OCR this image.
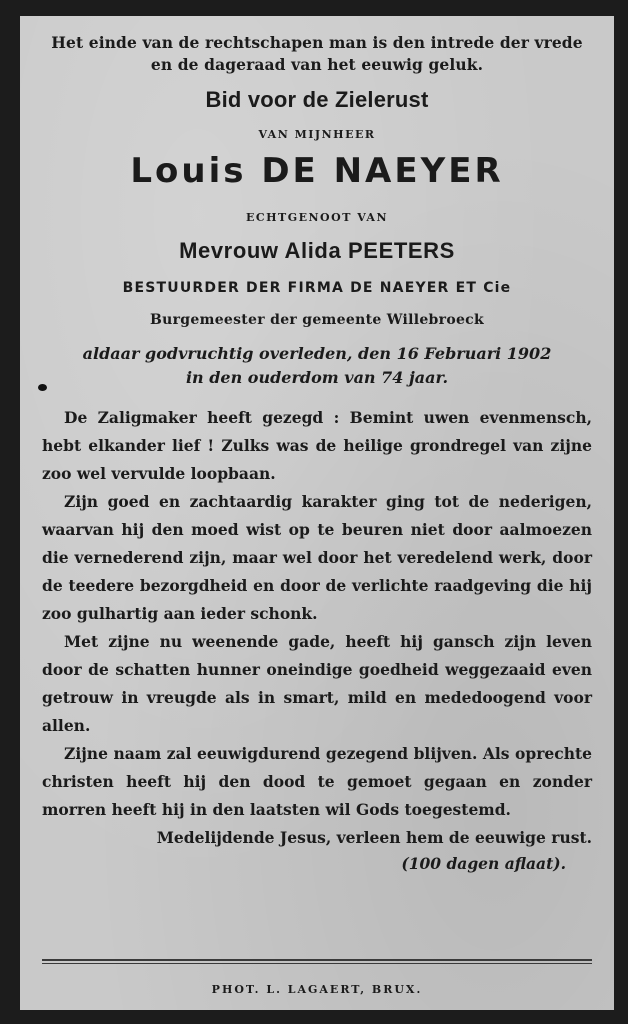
Het einde van de rechtschapen man is den intrede der vrede en de dageraad van het eeuwig geluk.

Bid voor de Zielerust

VAN MIJNHEER

Louis DE NAEYER

ECHTGENOOT VAN

Mevrouw Alida PEETERS

BESTUURDER DER FIRMA DE NAEYER ET Cie

Burgemeester der gemeente Willebroeck

aldaar godvruchtig overleden, den 16 Februari 1902
in den ouderdom van 74 jaar.

De Zaligmaker heeft gezegd : Bemint uwen evenmensch, hebt elkander lief ! Zulks was de heilige grondregel van zijne zoo wel vervulde loopbaan.

Zijn goed en zachtaardig karakter ging tot de nederigen, waarvan hij den moed wist op te beuren niet door aalmoezen die vernederend zijn, maar wel door het veredelend werk, door de teedere bezorgdheid en door de verlichte raadgeving die hij zoo gulhartig aan ieder schonk.

Met zijne nu weenende gade, heeft hij gansch zijn leven door de schatten hunner oneindige goedheid weggezaaid even getrouw in vreugde als in smart, mild en mededoogend voor allen.

Zijne naam zal eeuwigdurend gezegend blijven. Als oprechte christen heeft hij den dood te gemoet gegaan en zonder morren heeft hij in den laatsten wil Gods toegestemd.

Medelijdende Jesus, verleen hem de eeuwige rust.

(100 dagen aflaat).

PHOT. L. LAGAERT, BRUX.
